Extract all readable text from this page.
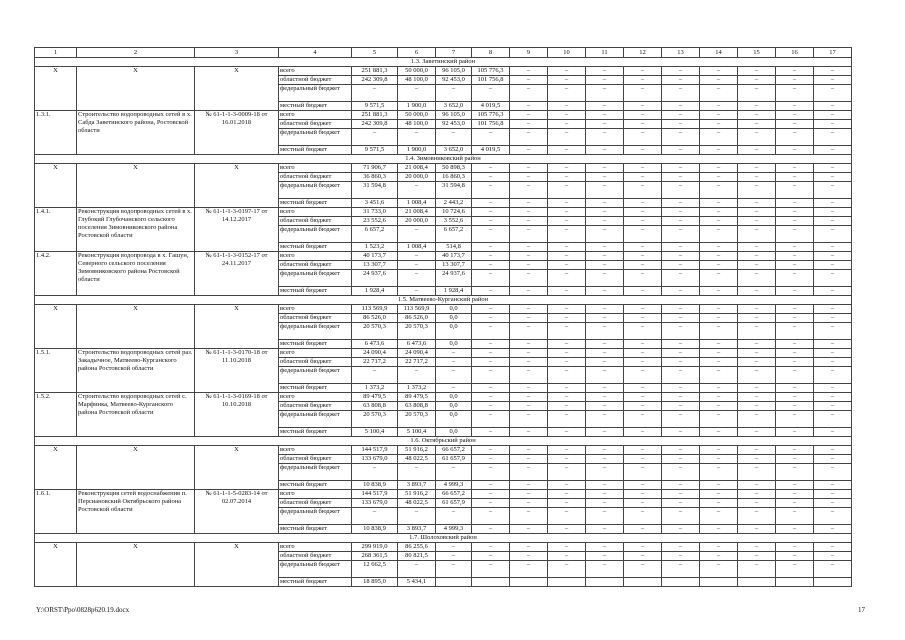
1	2	3	4	5	6	7	8	9	10	11	12	13	14	15	16	17
1.3. Заветинский район																
X	X	X	всего	251 881,3	50 000,0	96 105,0	105 776,3	–	–	–	–	–	–	–	–	–
			областной бюджет	242 309,8	48 100,0	92 453,0	101 756,8	–	–	–	–	–	–	–	–	–
			федеральный бюджет	–	–	–	–	–	–	–	–	–	–	–	–	–
			местный бюджет	9 571,5	1 900,0	3 652,0	4 019,5	–	–	–	–	–	–	–	–	–
1.3.1.	Строительство водопроводных сетей в х. Сабда Заветинского района, Ростовской области	№ 61-1-1-3-0009-18 от 16.01.2018	всего	251 881,3	50 000,0	96 105,0	105 776,3	–	–	–	–	–	–	–	–	–
			областной бюджет	242 309,8	48 100,0	92 453,0	101 756,8	–	–	–	–	–	–	–	–	–
			федеральный бюджет	–	–	–	–	–	–	–	–	–	–	–	–	–
			местный бюджет	9 571,5	1 900,0	3 652,0	4 019,5	–	–	–	–	–	–	–	–	–
1.4. Зимовниковский район																
X	X	X	всего	71 906,7	21 008,4	50 898,3	–	–	–	–	–	–	–	–	–	–
			областной бюджет	36 860,3	20 000,0	16 860,3	–	–	–	–	–	–	–	–	–	–
			федеральный бюджет	31 594,8	–	31 594,8	–	–	–	–	–	–	–	–	–	–
			местный бюджет	3 451,6	1 008,4	2 443,2	–	–	–	–	–	–	–	–	–	–
1.4.1.	Реконструкция водопроводных сетей в х. Глубокий Глубочанского сельского поселения Зимовниковского района Ростовской области	№ 61-1-1-3-0197-17 от 14.12.2017	всего	31 733,0	21 008,4	10 724,6	–	–	–	–	–	–	–	–	–	–
			областной бюджет	23 552,6	20 000,0	3 552,6	–	–	–	–	–	–	–	–	–	–
			федеральный бюджет	6 657,2	–	6 657,2	–	–	–	–	–	–	–	–	–	–
			местный бюджет	1 523,2	1 008,4	514,8	–	–	–	–	–	–	–	–	–	–
1.4.2.	Реконструкция водопровода в х. Гашун, Северного сельского поселения Зимовниковского района Ростовской области	№ 61-1-1-3-0152-17 от 24.11.2017	всего	40 173,7	–	40 173,7	–	–	–	–	–	–	–	–	–	–
			областной бюджет	13 307,7	–	13 307,7	–	–	–	–	–	–	–	–	–	–
			федеральный бюджет	24 937,6	–	24 937,6	–	–	–	–	–	–	–	–	–	–
			местный бюджет	1 928,4	–	1 928,4	–	–	–	–	–	–	–	–	–	–
1.5. Матвеево-Курганский район																
X	X	X	всего	113 569,9	113 569,9	0,0	–	–	–	–	–	–	–	–	–	–
			областной бюджет	86 526,0	86 526,0	0,0	–	–	–	–	–	–	–	–	–	–
			федеральный бюджет	20 570,3	20 570,3	0,0	–	–	–	–	–	–	–	–	–	–
			местный бюджет	6 473,6	6 473,6	0,0	–	–	–	–	–	–	–	–	–	–
1.5.1.	Строительство водопроводных сетей раз. Закадычное, Матвеево-Курганского района Ростовской области	№ 61-1-1-3-0170-18 от 11.10.2018	всего	24 090,4	24 090,4	–	–	–	–	–	–	–	–	–	–	–
			областной бюджет	22 717,2	22 717,2	–	–	–	–	–	–	–	–	–	–	–
			федеральный бюджет	–	–	–	–	–	–	–	–	–	–	–	–	–
			местный бюджет	1 373,2	1 373,2	–	–	–	–	–	–	–	–	–	–	–
1.5.2.	Строительство водопроводных сетей с. Марфинка, Матвеево-Курганского района Ростовской области	№ 61-1-1-3-0169-18 от 10.10.2018	всего	89 479,5	89 479,5	0,0	–	–	–	–	–	–	–	–	–	–
			областной бюджет	63 808,8	63 808,8	0,0	–	–	–	–	–	–	–	–	–	–
			федеральный бюджет	20 570,3	20 570,3	0,0	–	–	–	–	–	–	–	–	–	–
			местный бюджет	5 100,4	5 100,4	0,0	–	–	–	–	–	–	–	–	–	–
1.6. Октябрьский район																
X	X	X	всего	144 517,9	51 916,2	66 657,2	–	–	–	–	–	–	–	–	–	–
			областной бюджет	133 679,0	48 022,5	61 657,9	–	–	–	–	–	–	–	–	–	–
			федеральный бюджет	–	–	–	–	–	–	–	–	–	–	–	–	–
			местный бюджет	10 838,9	3 893,7	4 999,3	–	–	–	–	–	–	–	–	–	–
1.6.1.	Реконструкция сетей водоснабжения п. Персиановский Октябрьского района Ростовской области	№ 61-1-1-5-0283-14 от 02.07.2014	всего	144 517,9	51 916,2	66 657,2	–	–	–	–	–	–	–	–	–	–
			областной бюджет	133 679,0	48 022,5	61 657,9	–	–	–	–	–	–	–	–	–	–
			федеральный бюджет	–	–	–	–	–	–	–	–	–	–	–	–	–
			местный бюджет	10 838,9	3 893,7	4 999,3	–	–	–	–	–	–	–	–	–	–
1.7. Шолоховский район																
X	X	X	всего	299 919,0	86 255,6	–	–	–	–	–	–	–	–	–	–	–
			областной бюджет	268 361,5	80 821,5	–	–	–	–	–	–	–	–	–	–	–
			федеральный бюджет	12 662,5	–	–	–	–	–	–	–	–	–	–	–	–
			местный бюджет	18 895,0	5 434,1											
Y:\ORST\Ppo\0828p620.19.docx	17
